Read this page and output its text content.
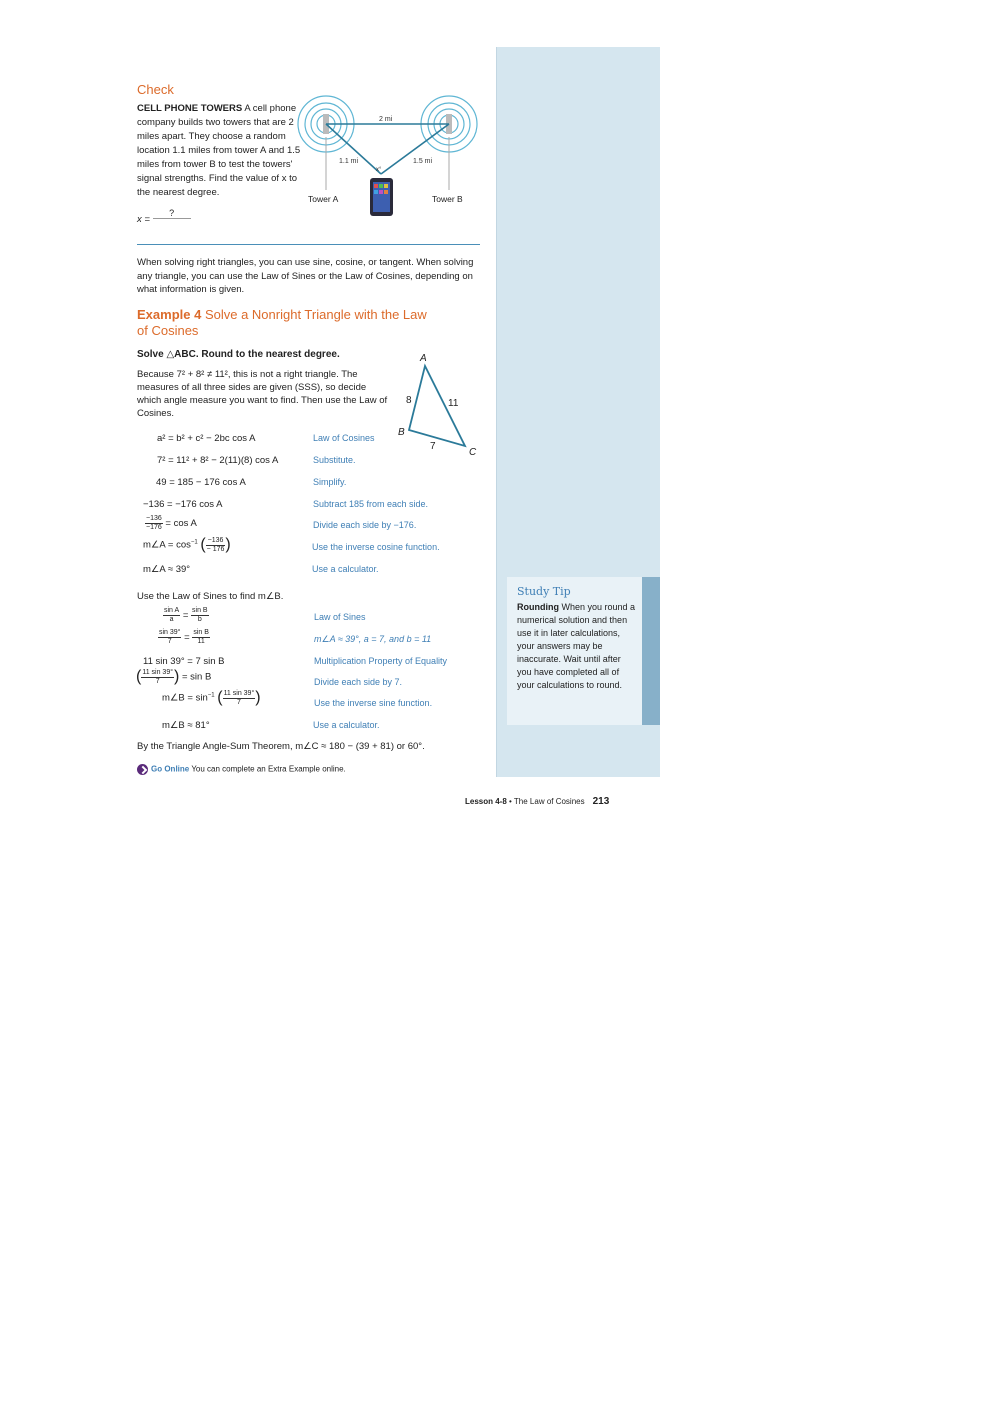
Study Tip
Rounding When you round a numerical solution and then use it in later calculations, your answers may be inaccurate. Wait until after you have completed all of your calculations to round.
Check
CELL PHONE TOWERS A cell phone company builds two towers that are 2 miles apart. They choose a random location 1.1 miles from tower A and 1.5 miles from tower B to test the towers' signal strengths. Find the value of x to the nearest degree.
x = ?
2 mi
1.1 mi	1.5 mi
x°
Tower A	Tower B
When solving right triangles, you can use sine, cosine, or tangent. When solving any triangle, you can use the Law of Sines or the Law of Cosines, depending on what information is given.
Example 4 Solve a Nonright Triangle with the Law of Cosines
Solve △ABC. Round to the nearest degree.
Because 7² + 8² ≠ 11², this is not a right triangle. The measures of all three sides are given (SSS), so decide which angle measure you want to find. Then use the Law of Cosines.
A
B
C
8	11
7
a² = b² + c² − 2bc cos A	Law of Cosines
7² = 11² + 8² − 2(11)(8) cos A	Substitute.
49 = 185 − 176 cos A	Simplify.
−136 = −176 cos A	Subtract 185 from each side.
$\frac{-136}{-176} = \cos A$	Divide each side by −176.
m∠A = $\cos^{-1}$ ( $\frac{-136}{- 176}$ )	Use the inverse cosine function.
m∠A ≈ 39°	Use a calculator.
Use the Law of Sines to find m∠B.
$\frac{\text{sin A}}{a} = \frac{\text{sin B}}{b}$	Law of Sines
$\frac{\sin 39^\circ}{7} = \frac{\text{sin B}}{11}$	m∠A ≈ 39°, a = 7, and b = 11
11 sin 39° = 7 sin B	Multiplication Property of Equality
( $\frac{11 \sin 39^\circ}{7}$ ) = sin B	Divide each side by 7.
m∠B = $\sin^{-1}$ ( $\frac{11 \sin 39^\circ}{7}$ )	Use the inverse sine function.
m∠B ≈ 81°	Use a calculator.
By the Triangle Angle-Sum Theorem, m∠C ≈ 180 − (39 + 81) or 60°.
Go Online You can complete an Extra Example online.
Lesson 4-8 • The Law of Cosines 213
